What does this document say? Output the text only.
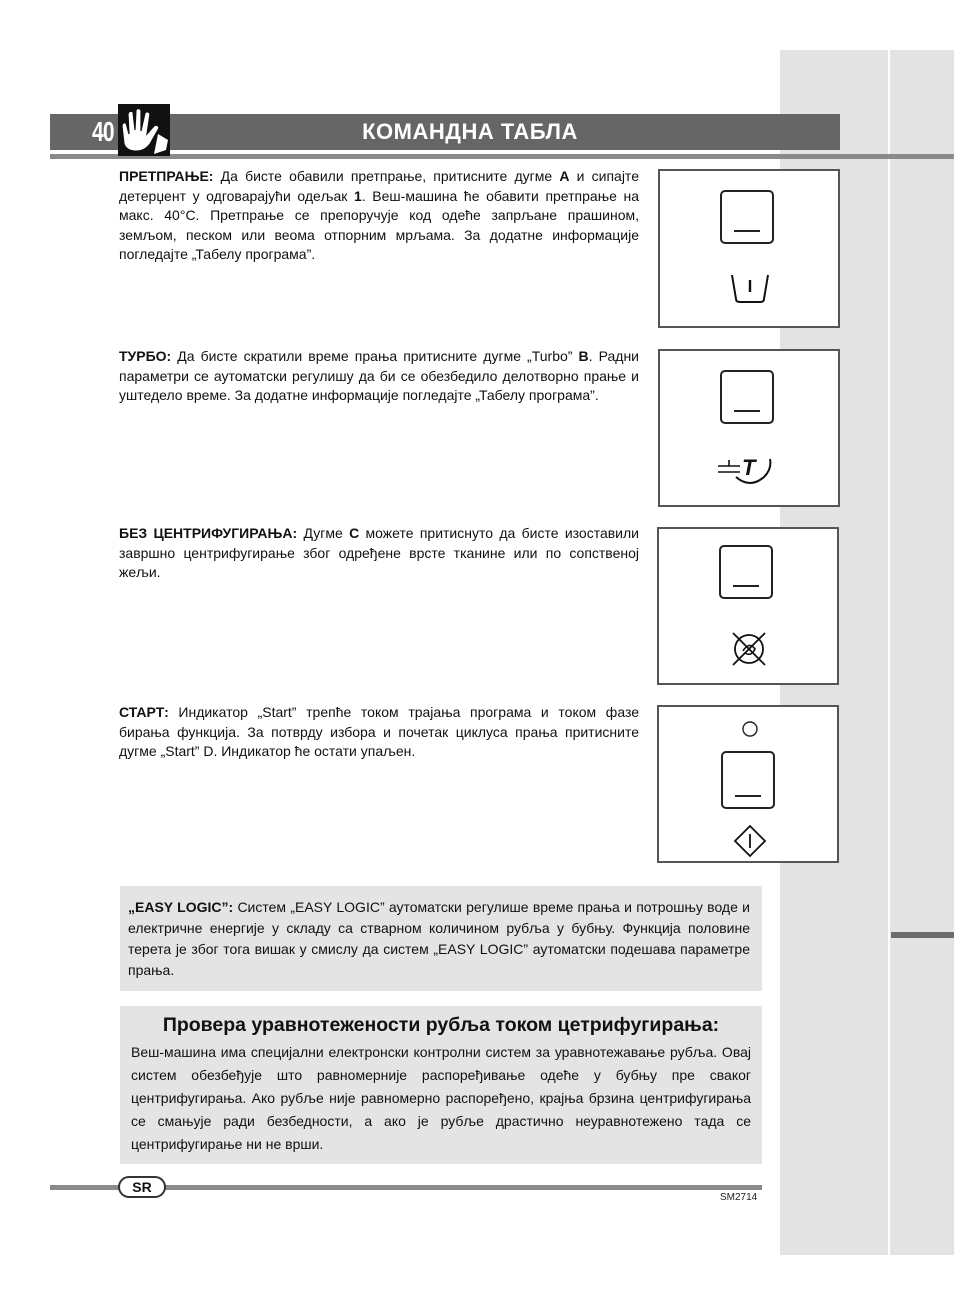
40	КОМАНДНА ТАБЛА
ПРЕТПРАЊЕ: Да бисте обавили претпрање, притисните дугме A и сипајте детерџент у одговарајући одељак 1. Веш-машина ће обавити претпрање на макс. 40°C. Претпрање се препоручује код одеће запрљане прашином, земљом, песком или веома отпорним мрљама. За додатне информације погледајте „Табелу програма”.
ТУРБО: Да бисте скратили време прања притисните дугме „Turbo” B. Радни параметри се аутоматски регулишу да би се обезбедило делотворно прање и уштедело време. За додатне информације погледајте „Табелу програма”.
T
БЕЗ ЦЕНТРИФУГИРАЊА: Дугме C можете притиснуто да бисте изоставили завршно центрифугирање због одређене врсте тканине или по сопственој жељи.
СТАРТ: Индикатор „Start” трепће током трајања програма и током фазе бирања функција. За потврду избора и почетак циклуса прања притисните дугме „Start” D. Индикатор ће остати упаљен.
„EASY LOGIC”: Систем „EASY LOGIC” аутоматски регулише време прања и потрошњу воде и електричне енергије у складу са стварном количином рубља у бубњу. Функција половине терета је због тога вишак у смислу да систем „EASY LOGIC” аутоматски подешава параметре прања.
Провера уравнотежености рубља током цетрифугирања:
Веш-машина има специјални електронски контролни систем за уравнотежавање рубља. Овај систем обезбеђује што равномерније распоређивање одеће у бубњу пре сваког центрифугирања. Ако рубље није равномерно распоређено, крајња брзина центрифугирања се смањује ради безбедности, а ако је рубље драстично неуравнотежено тада се центрифугирање ни не врши.
SR
SM2714
